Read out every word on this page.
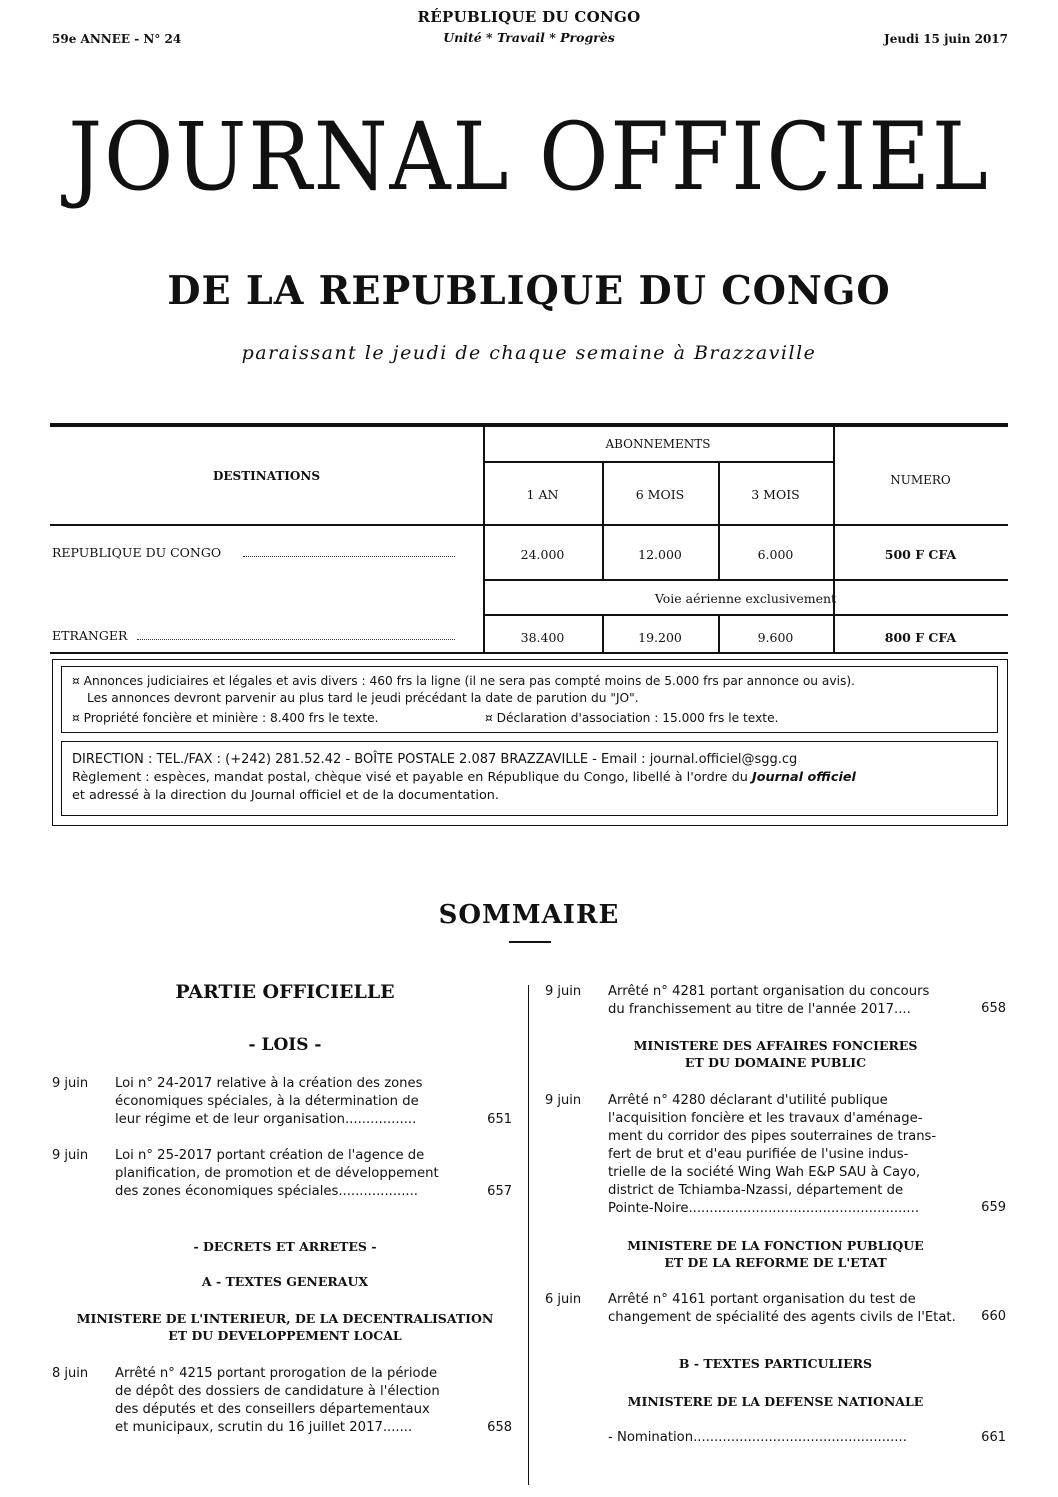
RÉPUBLIQUE DU CONGO
59e ANNEE - N° 24	Unité * Travail * Progrès	Jeudi 15 juin 2017
JOURNAL OFFICIEL
DE LA REPUBLIQUE DU CONGO
paraissant le jeudi de chaque semaine à Brazzaville
DESTINATIONS
ABONNEMENTS
NUMERO
1 AN	6 MOIS	3 MOIS
REPUBLIQUE DU CONGO	24.000	12.000	6.000	500 F CFA
Voie aérienne exclusivement
ETRANGER	38.400	19.200	9.600	800 F CFA
¤ Annonces judiciaires et légales et avis divers : 460 frs la ligne (il ne sera pas compté moins de 5.000 frs par annonce ou avis).
Les annonces devront parvenir au plus tard le jeudi précédant la date de parution du "JO".
¤ Propriété foncière et minière : 8.400 frs le texte.	¤ Déclaration d'association : 15.000 frs le texte.
DIRECTION : TEL./FAX : (+242) 281.52.42 - BOÎTE POSTALE 2.087 BRAZZAVILLE - Email : journal.officiel@sgg.cg
Règlement : espèces, mandat postal, chèque visé et payable en République du Congo, libellé à l'ordre du Journal officiel
et adressé à la direction du Journal officiel et de la documentation.
SOMMAIRE
PARTIE OFFICIELLE
- LOIS -
9 juin Loi n° 24-2017 relative à la création des zones
économiques spéciales, à la détermination de
leur régime et de leur organisation.................	651
9 juin Loi n° 25-2017 portant création de l'agence de
planification, de promotion et de développement
des zones économiques spéciales...................	657
- DECRETS ET ARRETES -
A - TEXTES GENERAUX
MINISTERE DE L'INTERIEUR, DE LA DECENTRALISATION
ET DU DEVELOPPEMENT LOCAL
8 juin Arrêté n° 4215 portant prorogation de la période
de dépôt des dossiers de candidature à l'élection
des députés et des conseillers départementaux
et municipaux, scrutin du 16 juillet 2017.......	658
9 juin Arrêté n° 4281 portant organisation du concours
du franchissement au titre de l'année 2017....	658
MINISTERE DES AFFAIRES FONCIERES
ET DU DOMAINE PUBLIC
9 juin Arrêté n° 4280 déclarant d'utilité publique
l'acquisition foncière et les travaux d'aménage-
ment du corridor des pipes souterraines de trans-
fert de brut et d'eau purifiée de l'usine indus-
trielle de la société Wing Wah E&P SAU à Cayo,
district de Tchiamba-Nzassi, département de
Pointe-Noire.......................................................	659
MINISTERE DE LA FONCTION PUBLIQUE
ET DE LA REFORME DE L'ETAT
6 juin Arrêté n° 4161 portant organisation du test de
changement de spécialité des agents civils de l'Etat.	660
B - TEXTES PARTICULIERS
MINISTERE DE LA DEFENSE NATIONALE
- Nomination...................................................	661
